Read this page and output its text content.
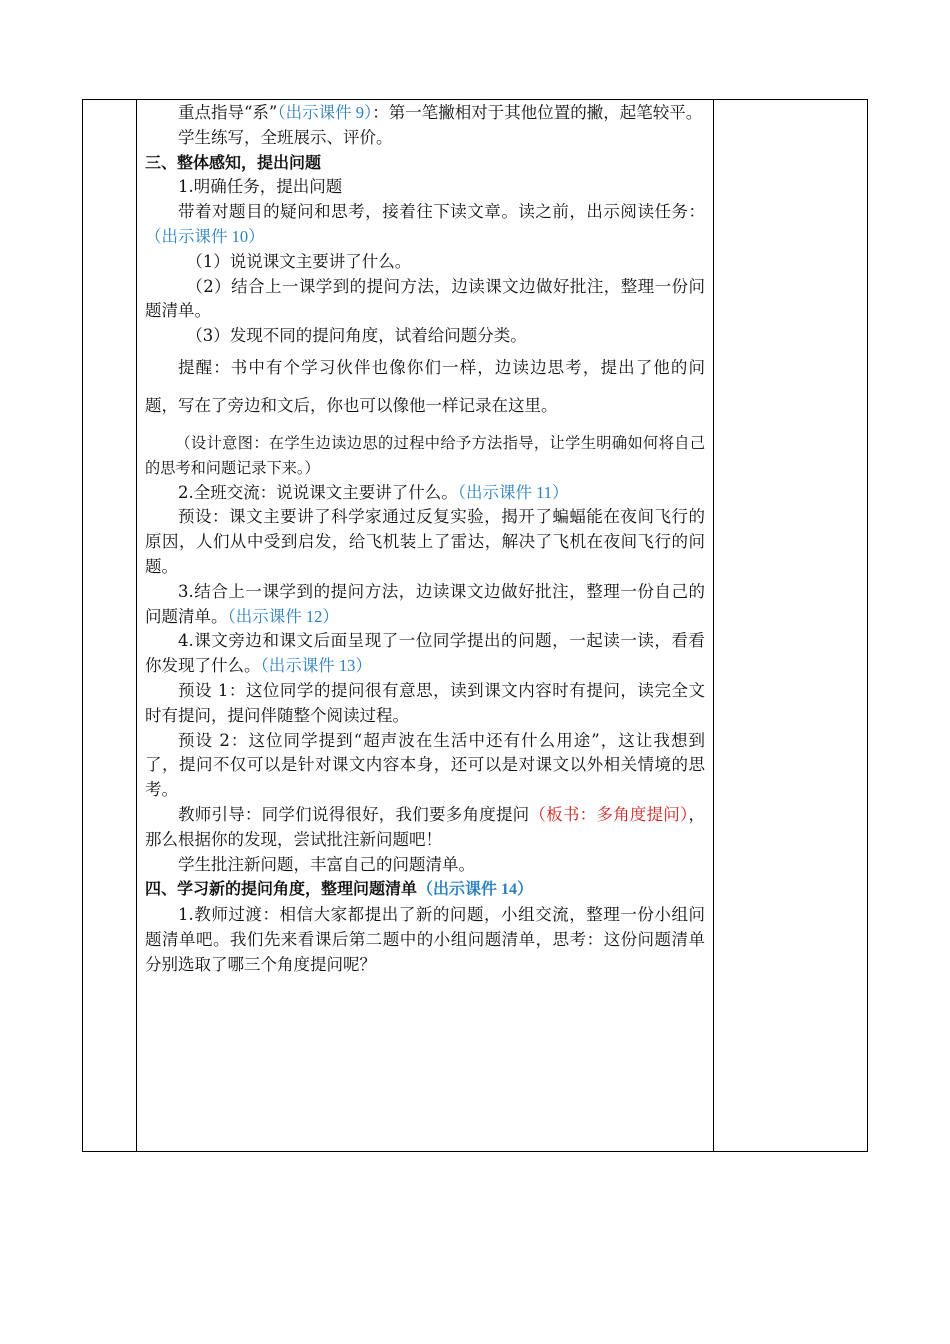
重点指导“系”（出示课件 9）：第一笔撇相对于其他位置的撇，起笔较平。

学生练写，全班展示、评价。

三、整体感知，提出问题

1.明确任务，提出问题

带着对题目的疑问和思考，接着往下读文章。读之前，出示阅读任务：（出示课件 10）

（1）说说课文主要讲了什么。

（2）结合上一课学到的提问方法，边读课文边做好批注，整理一份问题清单。

（3）发现不同的提问角度，试着给问题分类。

提醒：书中有个学习伙伴也像你们一样，边读边思考，提出了他的问题，写在了旁边和文后，你也可以像他一样记录在这里。

（设计意图：在学生边读边思的过程中给予方法指导，让学生明确如何将自己的思考和问题记录下来。）

2.全班交流：说说课文主要讲了什么。（出示课件 11）

预设：课文主要讲了科学家通过反复实验，揭开了蝙蝠能在夜间飞行的原因，人们从中受到启发，给飞机装上了雷达，解决了飞机在夜间飞行的问题。

3.结合上一课学到的提问方法，边读课文边做好批注，整理一份自己的问题清单。（出示课件 12）

4.课文旁边和课文后面呈现了一位同学提出的问题，一起读一读，看看你发现了什么。（出示课件 13）

预设 1：这位同学的提问很有意思，读到课文内容时有提问，读完全文时有提问，提问伴随整个阅读过程。

预设 2：这位同学提到“超声波在生活中还有什么用途”，这让我想到了，提问不仅可以是针对课文内容本身，还可以是对课文以外相关情境的思考。

教师引导：同学们说得很好，我们要多角度提问（板书：多角度提问），那么根据你的发现，尝试批注新问题吧！

学生批注新问题，丰富自己的问题清单。

四、学习新的提问角度，整理问题清单（出示课件 14）

1.教师过渡：相信大家都提出了新的问题，小组交流，整理一份小组问题清单吧。我们先来看课后第二题中的小组问题清单，思考：这份问题清单分别选取了哪三个角度提问呢？
